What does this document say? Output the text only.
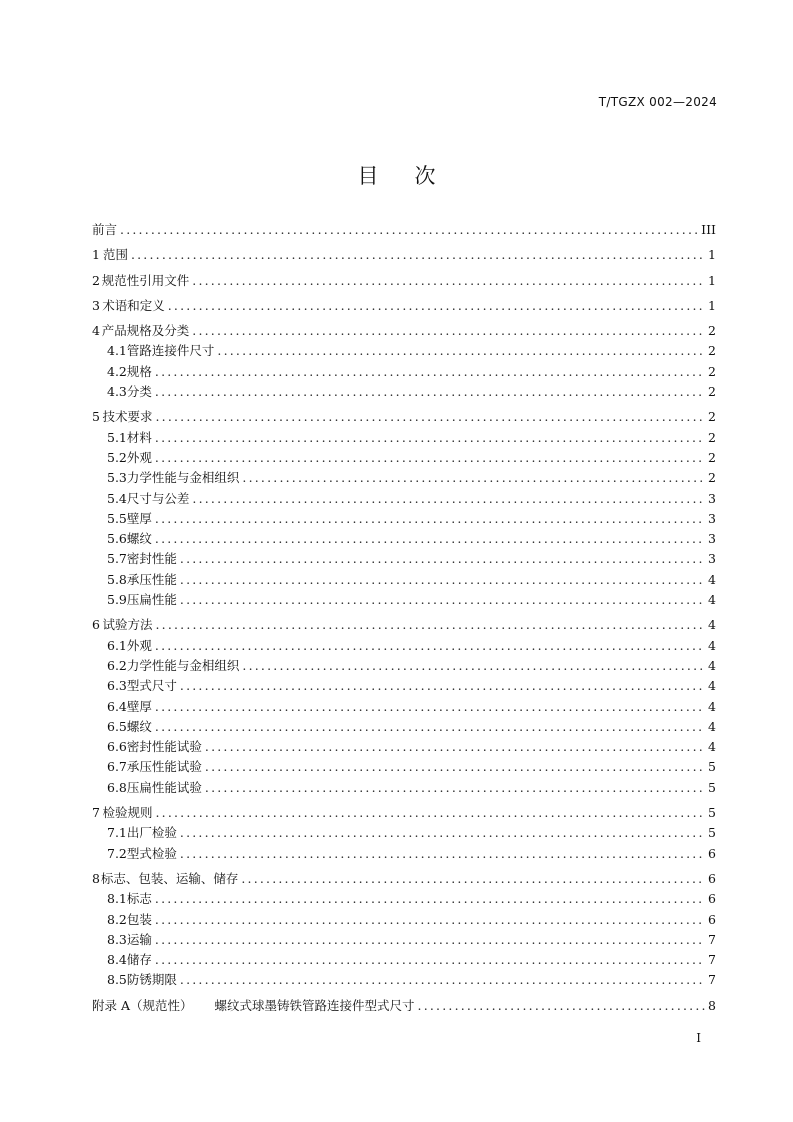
T/TGZX 002—2024
目 次
前言 .....	III
1 范围 .....	1
2 规范性引用文件 .....	1
3 术语和定义 .....	1
4 产品规格及分类 .....	2
4.1 管路连接件尺寸 .....	2
4.2 规格 .....	2
4.3 分类 .....	2
5 技术要求 .....	2
5.1 材料 .....	2
5.2 外观 .....	2
5.3 力学性能与金相组织 .....	2
5.4 尺寸与公差 .....	3
5.5 壁厚 .....	3
5.6 螺纹 .....	3
5.7 密封性能 .....	3
5.8 承压性能 .....	4
5.9 压扁性能 .....	4
6 试验方法 .....	4
6.1 外观 .....	4
6.2 力学性能与金相组织 .....	4
6.3 型式尺寸 .....	4
6.4 壁厚 .....	4
6.5 螺纹 .....	4
6.6 密封性能试验 .....	4
6.7 承压性能试验 .....	5
6.8 压扁性能试验 .....	5
7 检验规则 .....	5
7.1 出厂检验 .....	5
7.2 型式检验 .....	6
8 标志、包装、运输、储存 .....	6
8.1 标志 .....	6
8.2 包装 .....	6
8.3 运输 .....	7
8.4 储存 .....	7
8.5 防锈期限 .....	7
附录 A（规范性） 螺纹式球墨铸铁管路连接件型式尺寸 .....	8
I
